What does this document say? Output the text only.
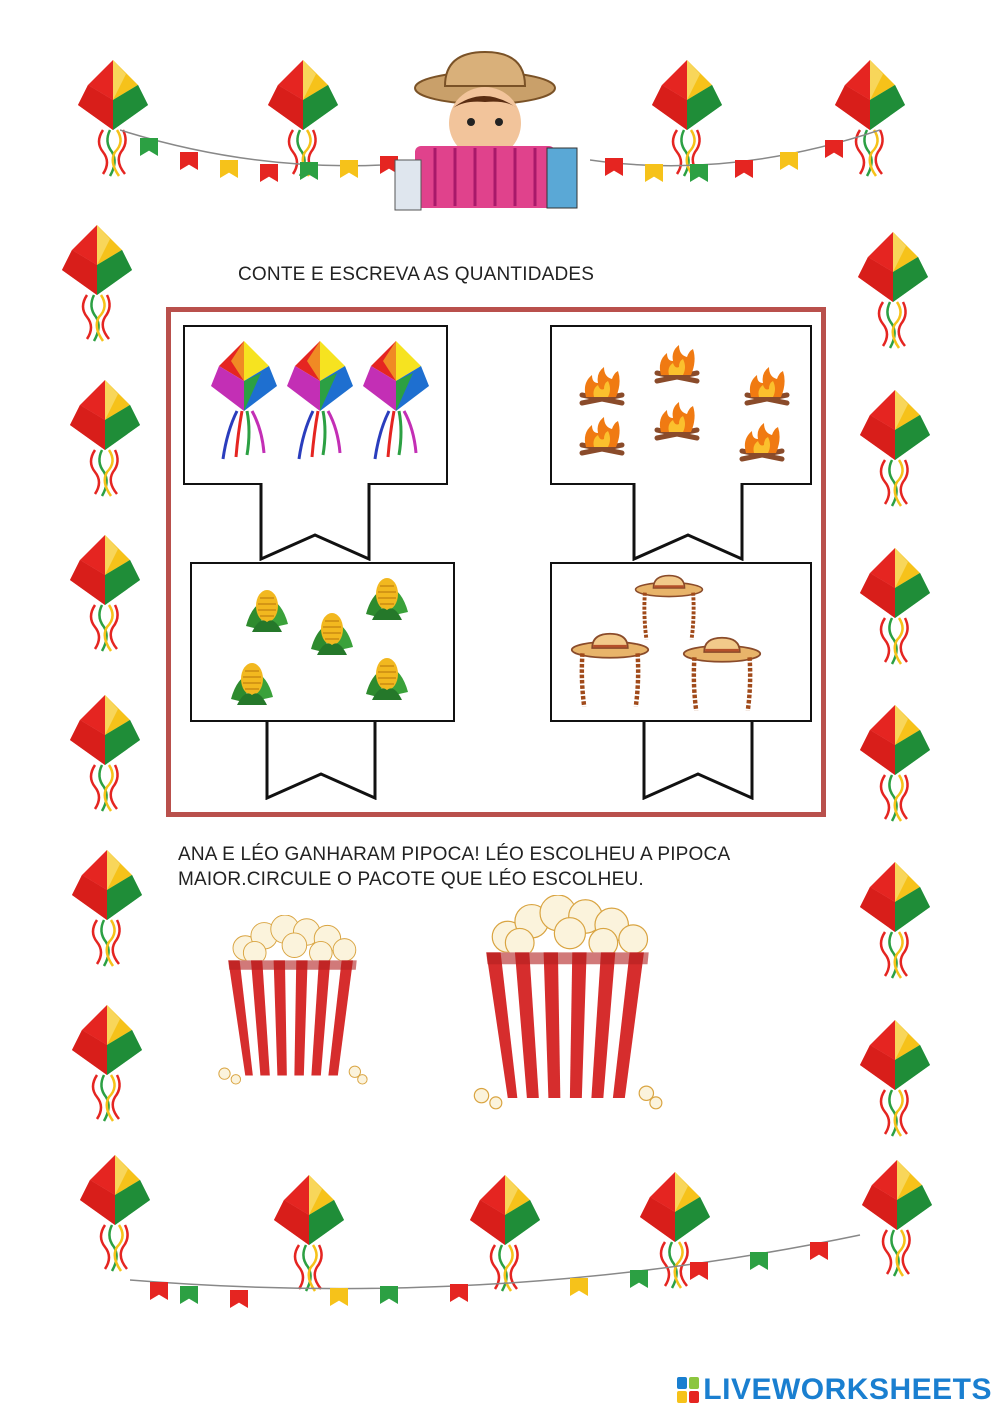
CONTE E ESCREVA AS QUANTIDADES
ANA E LÉO GANHARAM PIPOCA! LÉO ESCOLHEU A PIPOCA
MAIOR.CIRCULE O PACOTE QUE LÉO ESCOLHEU.
LIVEWORKSHEETS
